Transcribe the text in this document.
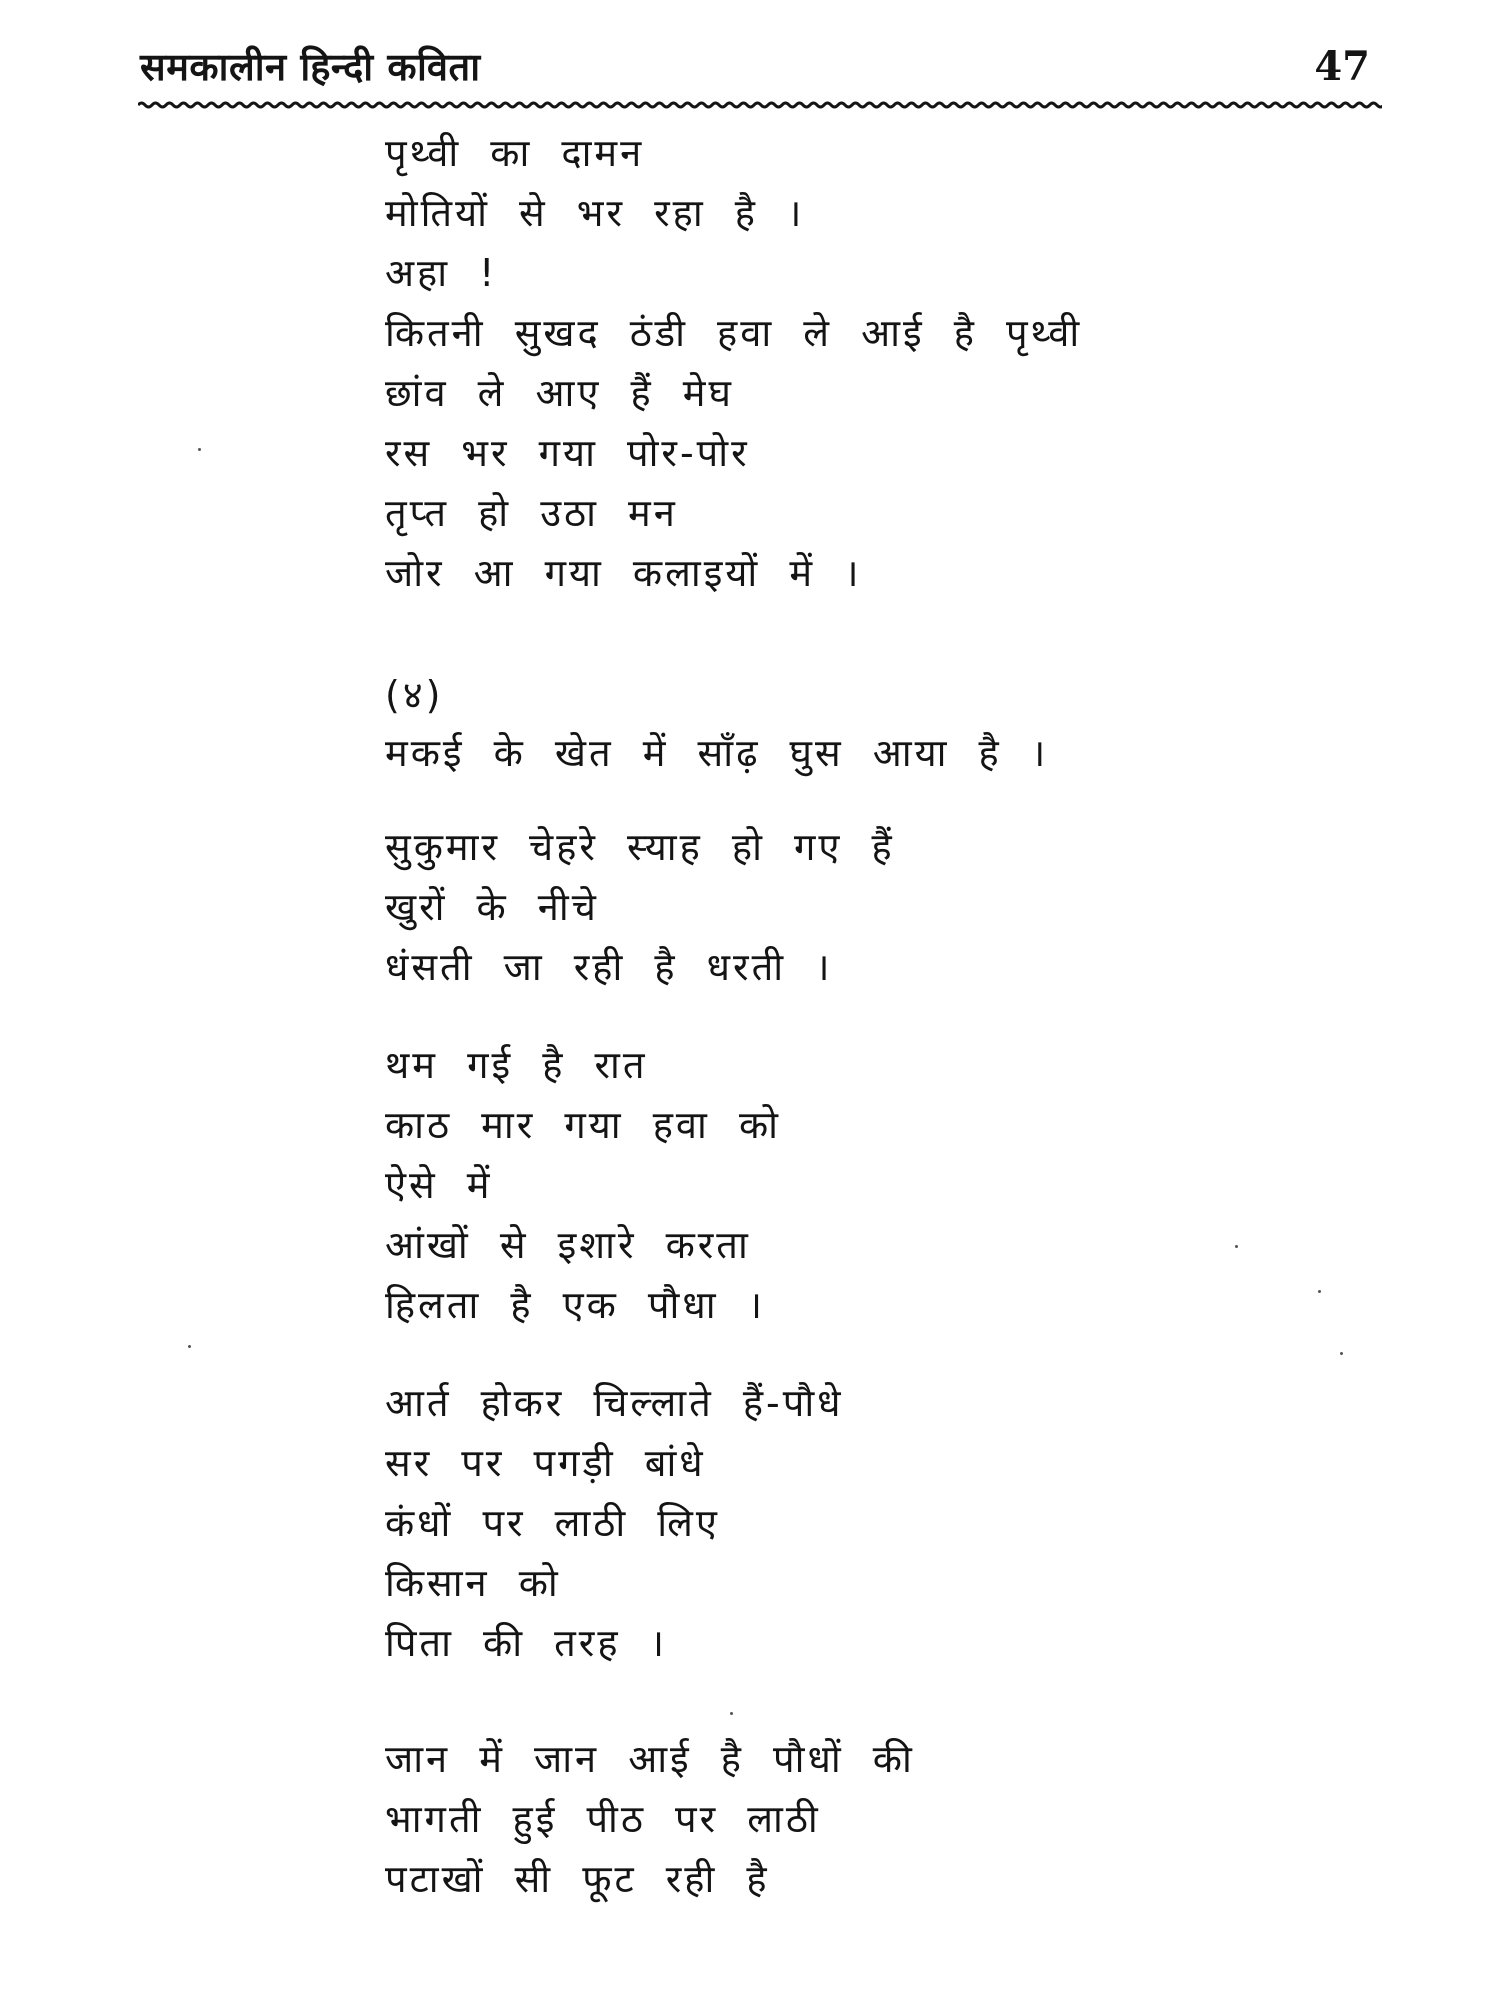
समकालीन हिन्दी कविता	47
पृथ्वी का दामन
मोतियों से भर रहा है ।
अहा !
कितनी सुखद ठंडी हवा ले आई है पृथ्वी
छांव ले आए हैं मेघ
रस भर गया पोर-पोर
तृप्त हो उठा मन
जोर आ गया कलाइयों में ।
(४)
मकई के खेत में साँढ़ घुस आया है ।
सुकुमार चेहरे स्याह हो गए हैं
खुरों के नीचे
धंसती जा रही है धरती ।
थम गई है रात
काठ मार गया हवा को
ऐसे में
आंखों से इशारे करता
हिलता है एक पौधा ।
आर्त होकर चिल्लाते हैं-पौधे
सर पर पगड़ी बांधे
कंधों पर लाठी लिए
किसान को
पिता की तरह ।
जान में जान आई है पौधों की
भागती हुई पीठ पर लाठी
पटाखों सी फूट रही है
